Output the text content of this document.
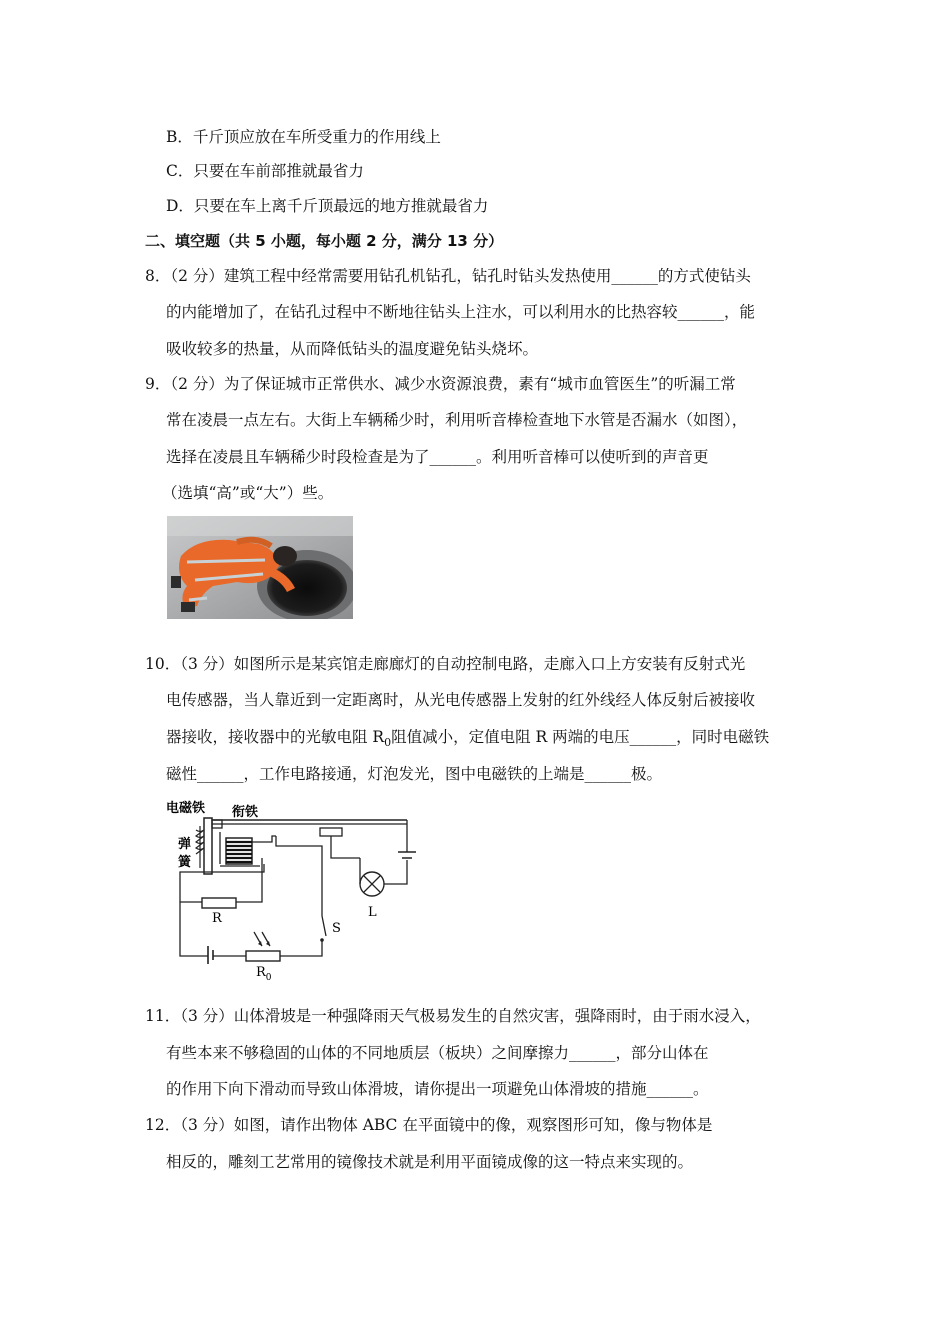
B．千斤顶应放在车所受重力的作用线上
C．只要在车前部推就最省力
D．只要在车上离千斤顶最远的地方推就最省力
二、填空题（共 5 小题，每小题 2 分，满分 13 分）
8．（2 分）建筑工程中经常需要用钻孔机钻孔，钻孔时钻头发热使用______的方式使钻头
的内能增加了，在钻孔过程中不断地往钻头上注水，可以利用水的比热容较______，能
吸收较多的热量，从而降低钻头的温度避免钻头烧坏。
9．（2 分）为了保证城市正常供水、减少水资源浪费，素有“城市血管医生”的听漏工常
常在凌晨一点左右。大街上车辆稀少时，利用听音棒检查地下水管是否漏水（如图），
选择在凌晨且车辆稀少时段检查是为了______。利用听音棒可以使听到的声音更
（选填“高”或“大”）些。
10．（3 分）如图所示是某宾馆走廊廊灯的自动控制电路，走廊入口上方安装有反射式光
电传感器，当人靠近到一定距离时，从光电传感器上发射的红外线经人体反射后被接收
器接收，接收器中的光敏电阻 $R_0$阻值减小，定值电阻 R 两端的电压______，同时电磁铁
磁性______，工作电路接通，灯泡发光，图中电磁铁的上端是______极。
电磁铁 衔铁
弹
簧
R
$R_0$
S
L
11．（3 分）山体滑坡是一种强降雨天气极易发生的自然灾害，强降雨时，由于雨水浸入，
有些本来不够稳固的山体的不同地质层（板块）之间摩擦力______，部分山体在
的作用下向下滑动而导致山体滑坡，请你提出一项避免山体滑坡的措施______。
12．（3 分）如图，请作出物体 ABC 在平面镜中的像，观察图形可知，像与物体是
相反的，雕刻工艺常用的镜像技术就是利用平面镜成像的这一特点来实现的。
